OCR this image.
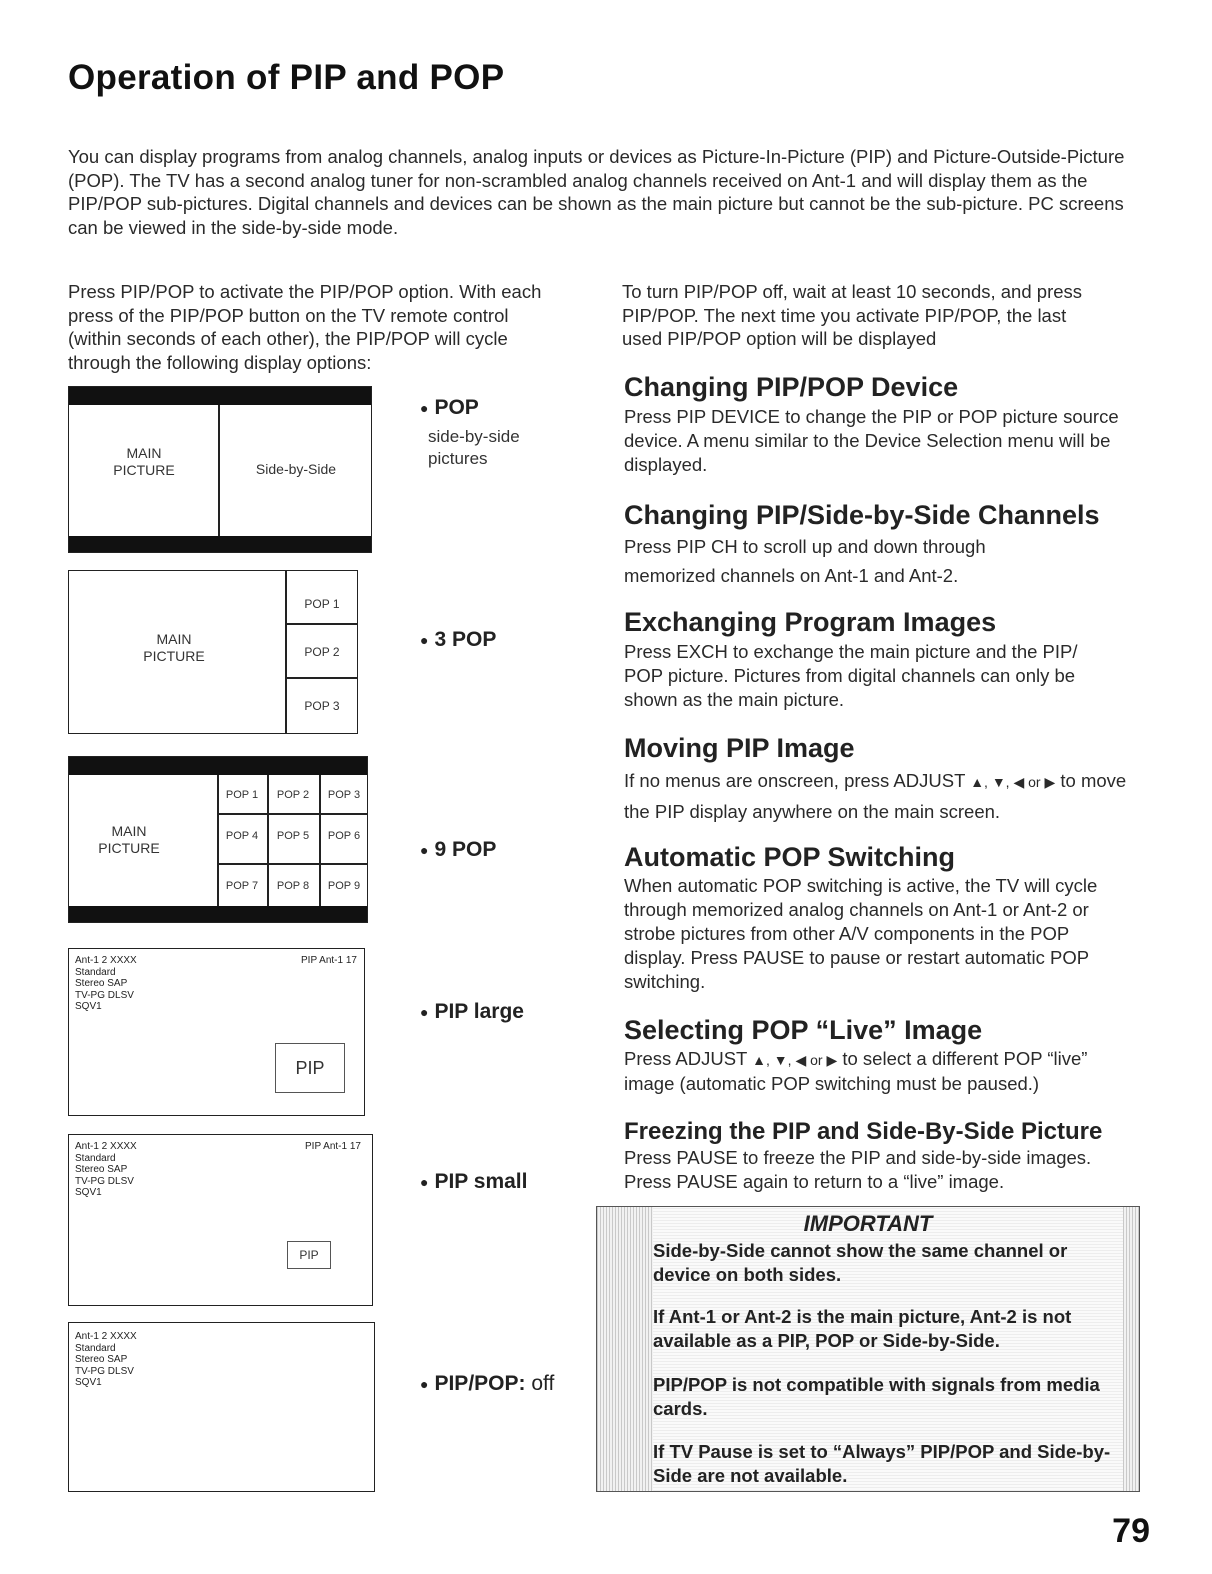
Operation of PIP and POP

You can display programs from analog channels, analog inputs or devices as Picture-In-Picture (PIP) and Picture-Outside-Picture (POP). The TV has a second analog tuner for non-scrambled analog channels received on Ant-1 and will display them as the PIP/POP sub-pictures. Digital channels and devices can be shown as the main picture but cannot be the sub-picture. PC screens can be viewed in the side-by-side mode.

Press PIP/POP to activate the PIP/POP option. With each press of the PIP/POP button on the TV remote control (within seconds of each other), the PIP/POP will cycle through the following display options:

MAIN
PICTURE	Side-by-Side
● POP
side-by-side
pictures
MAIN
PICTURE
POP 1
POP 2
POP 3
● 3 POP
MAIN
PICTURE
POP 1	POP 2	POP 3
POP 4	POP 5	POP 6
POP 7	POP 8	POP 9
● 9 POP
Ant-1 2 XXXX
Standard
Stereo SAP
TV-PG DLSV
SQV1
PIP Ant-1 17
PIP
● PIP large
Ant-1 2 XXXX
Standard
Stereo SAP
TV-PG DLSV
SQV1
PIP Ant-1 17
PIP
● PIP small
Ant-1 2 XXXX
Standard
Stereo SAP
TV-PG DLSV
SQV1	● PIP/POP: off

To turn PIP/POP off, wait at least 10 seconds, and press PIP/POP. The next time you activate PIP/POP, the last used PIP/POP option will be displayed

Changing PIP/POP Device

Press PIP DEVICE to change the PIP or POP picture source device. A menu similar to the Device Selection menu will be displayed.

Changing PIP/Side-by-Side Channels

Press PIP CH to scroll up and down through memorized channels on Ant-1 and Ant-2.

Exchanging Program Images

Press EXCH to exchange the main picture and the PIP/ POP picture. Pictures from digital channels can only be shown as the main picture.

Moving PIP Image

If no menus are onscreen, press ADJUST ▲, ▼, ◀ or ▶ to move the PIP display anywhere on the main screen.

Automatic POP Switching

When automatic POP switching is active, the TV will cycle through memorized analog channels on Ant-1 or Ant-2 or strobe pictures from other A/V components in the POP display. Press PAUSE to pause or restart automatic POP switching.

Selecting POP “Live” Image

Press ADJUST ▲, ▼, ◀ or ▶ to select a different POP “live” image (automatic POP switching must be paused.)

Freezing the PIP and Side-By-Side Picture

Press PAUSE to freeze the PIP and side-by-side images. Press PAUSE again to return to a “live” image.

IMPORTANT

Side-by-Side cannot show the same channel or device on both sides.

If Ant-1 or Ant-2 is the main picture, Ant-2 is not available as a PIP, POP or Side-by-Side.

PIP/POP is not compatible with signals from media cards.

If TV Pause is set to “Always” PIP/POP and Side-by-Side are not available.

79
